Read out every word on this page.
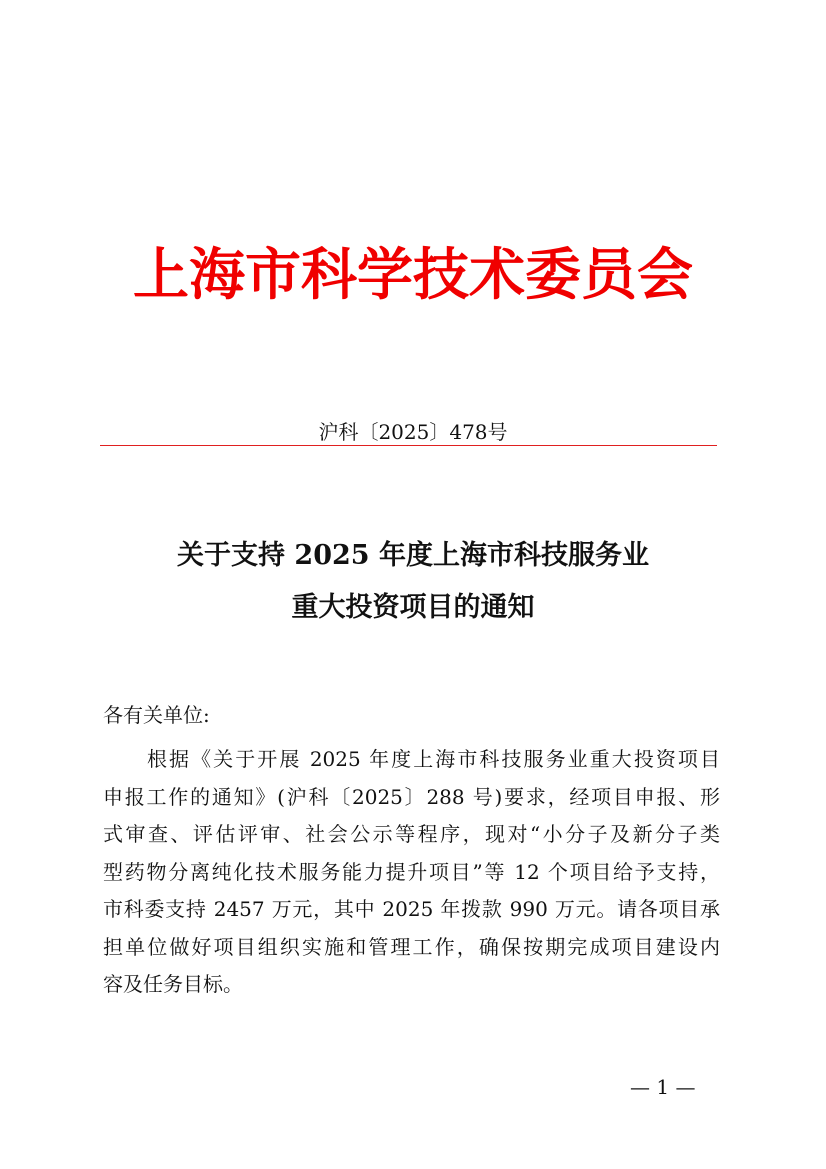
上海市科学技术委员会
沪科〔2025〕478号
关于支持 2025 年度上海市科技服务业
重大投资项目的通知
各有关单位:
根据《关于开展 2025 年度上海市科技服务业重大投资项目
申报工作的通知》(沪科〔2025〕288 号)要求，经项目申报、形
式审查、评估评审、社会公示等程序，现对“小分子及新分子类
型药物分离纯化技术服务能力提升项目”等 12 个项目给予支持，
市科委支持 2457 万元，其中 2025 年拨款 990 万元。请各项目承
担单位做好项目组织实施和管理工作，确保按期完成项目建设内
容及任务目标。
— 1 —
